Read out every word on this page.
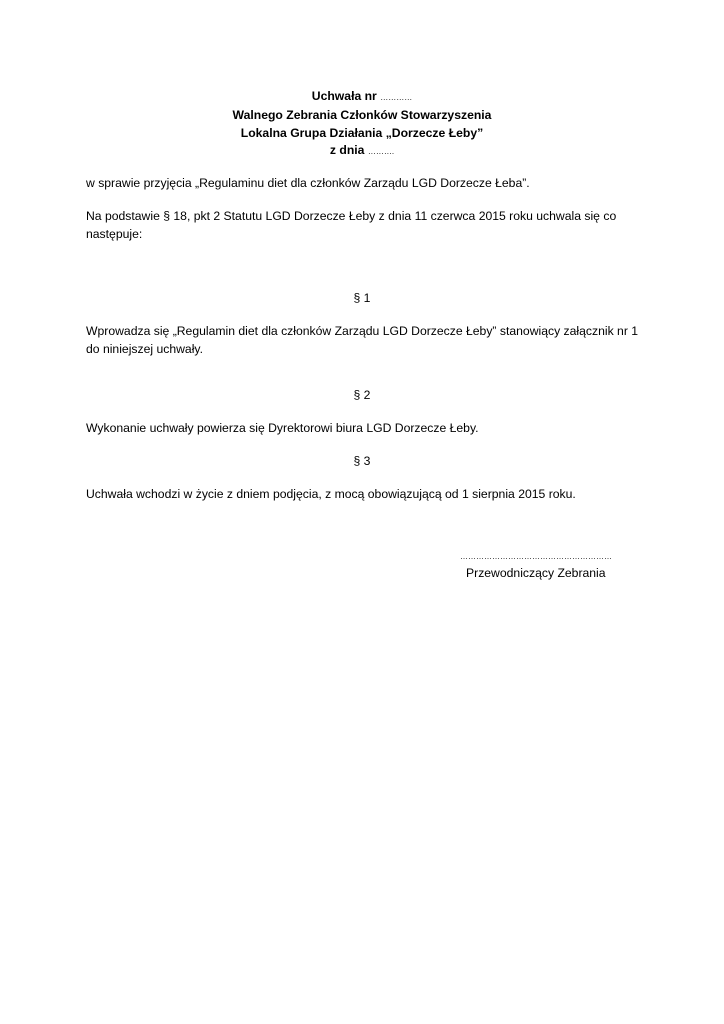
Uchwała nr …………
Walnego Zebrania Członków Stowarzyszenia
Lokalna Grupa Działania „Dorzecze Łeby”
z dnia ……….
w sprawie przyjęcia „Regulaminu diet dla członków Zarządu LGD Dorzecze Łeba”.
Na podstawie § 18, pkt 2 Statutu LGD Dorzecze Łeby z dnia 11 czerwca 2015 roku uchwala się co
następuje:
§ 1
Wprowadza się „Regulamin diet dla członków Zarządu LGD Dorzecze Łeby” stanowiący załącznik nr 1
do niniejszej uchwały.
§ 2
Wykonanie uchwały powierza się Dyrektorowi biura LGD Dorzecze Łeby.
§ 3
Uchwała wchodzi w życie z dniem podjęcia, z mocą obowiązującą od 1 sierpnia 2015 roku.
…………………………………………………
Przewodniczący Zebrania
